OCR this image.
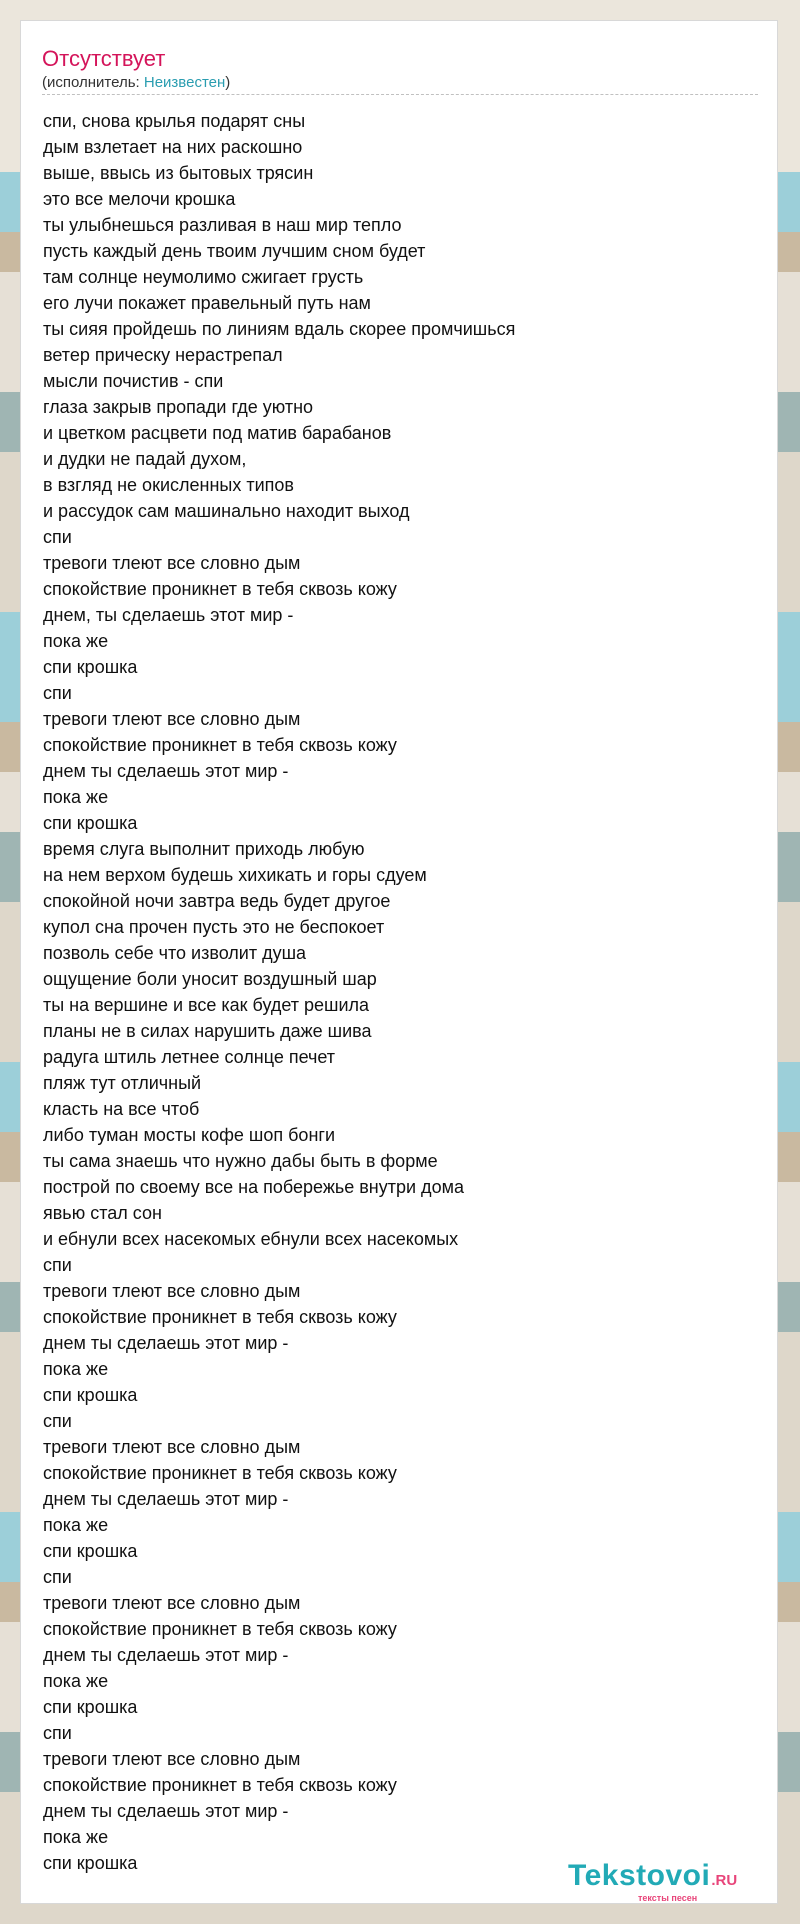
Отсутствует
(исполнитель: Неизвестен)
спи, снова крылья подарят сны
дым взлетает на них раскошно
выше, ввысь из бытовых трясин
это все мелочи крошка
ты улыбнешься разливая в наш мир тепло
пусть каждый день твоим лучшим сном будет
там солнце неумолимо сжигает грусть
его лучи покажет правельный путь нам
ты сияя пройдешь по линиям вдаль скорее промчишься
ветер прическу нерастрепал
мысли почистив - спи
глаза закрыв пропади где уютно
и цветком расцвети под матив барабанов
и дудки не падай духом,
в взгляд не окисленных типов
и рассудок сам машинально находит выход
спи
тревоги тлеют все словно дым
спокойствие проникнет в тебя сквозь кожу
днем, ты сделаешь этот мир -
пока же
спи крошка
спи
тревоги тлеют все словно дым
спокойствие проникнет в тебя сквозь кожу
днем ты сделаешь этот мир -
пока же
спи крошка
время слуга выполнит приходь любую
на нем верхом будешь хихикать и горы сдуем
спокойной ночи завтра ведь будет другое
купол сна прочен пусть это не беспокоет
позволь себе что изволит душа
ощущение боли уносит воздушный шар
ты на вершине и все как будет решила
планы не в силах нарушить даже шива
радуга штиль летнее солнце печет
пляж тут отличный
класть на все чтоб
либо туман мосты кофе шоп бонги
ты сама знаешь что нужно дабы быть в форме
построй по своему все на побережье внутри дома
явью стал сон
и ебнули всех насекомых ебнули всех насекомых
спи
тревоги тлеют все словно дым
спокойствие проникнет в тебя сквозь кожу
днем ты сделаешь этот мир -
пока же
спи крошка
спи
тревоги тлеют все словно дым
спокойствие проникнет в тебя сквозь кожу
днем ты сделаешь этот мир -
пока же
спи крошка
спи
тревоги тлеют все словно дым
спокойствие проникнет в тебя сквозь кожу
днем ты сделаешь этот мир -
пока же
спи крошка
спи
тревоги тлеют все словно дым
спокойствие проникнет в тебя сквозь кожу
днем ты сделаешь этот мир -
пока же
спи крошка	Tekstovoi.RU
тексты песен
